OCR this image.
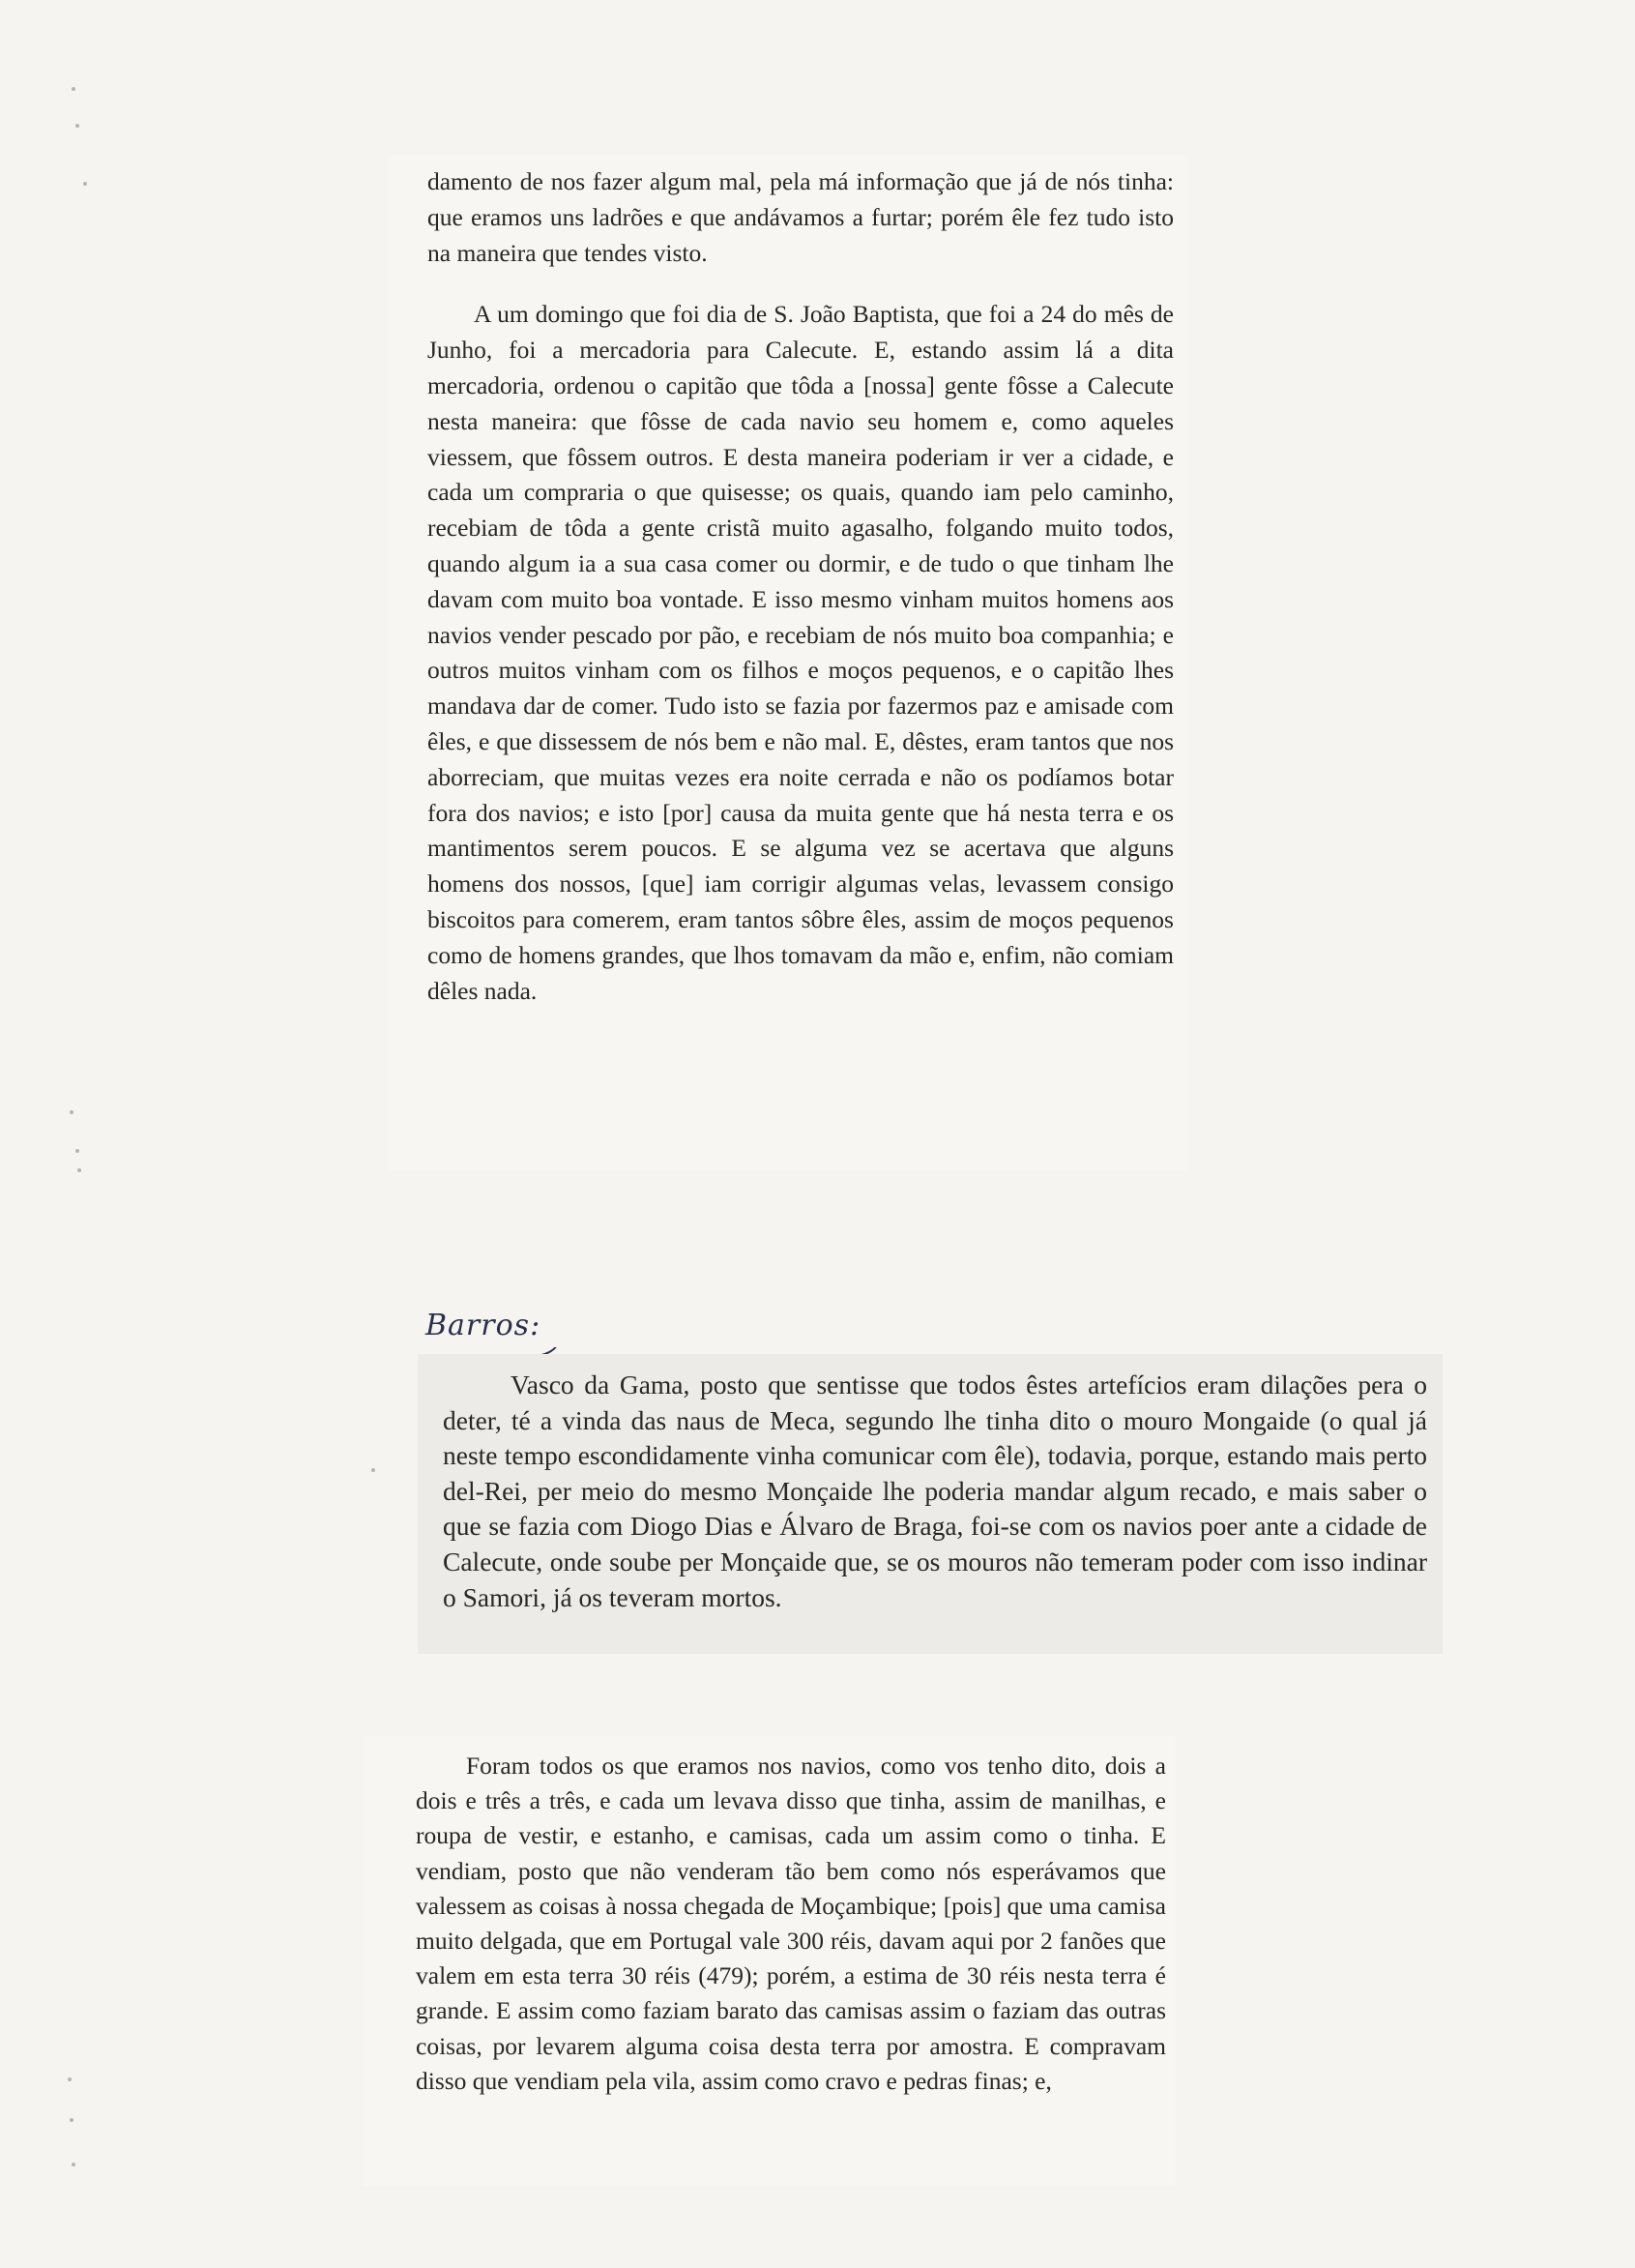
damento de nos fazer algum mal, pela má informação que já de nós tinha: que eramos uns ladrões e que andávamos a furtar; porém êle fez tudo isto na maneira que tendes visto.

A um domingo que foi dia de S. João Baptista, que foi a 24 do mês de Junho, foi a mercadoria para Calecute. E, estando assim lá a dita mercadoria, ordenou o capitão que tôda a [nossa] gente fôsse a Calecute nesta maneira: que fôsse de cada navio seu homem e, como aqueles viessem, que fôssem outros. E desta maneira poderiam ir ver a cidade, e cada um compraria o que quisesse; os quais, quando iam pelo caminho, recebiam de tôda a gente cristã muito agasalho, folgando muito todos, quando algum ia a sua casa comer ou dormir, e de tudo o que tinham lhe davam com muito boa vontade. E isso mesmo vinham muitos homens aos navios vender pescado por pão, e recebiam de nós muito boa companhia; e outros muitos vinham com os filhos e moços pequenos, e o capitão lhes mandava dar de comer. Tudo isto se fazia por fazermos paz e amisade com êles, e que dissessem de nós bem e não mal. E, dêstes, eram tantos que nos aborreciam, que muitas vezes era noite cerrada e não os podíamos botar fora dos navios; e isto [por] causa da muita gente que há nesta terra e os mantimentos serem poucos. E se alguma vez se acertava que alguns homens dos nossos, [que] iam corrigir algumas velas, levassem consigo biscoitos para comerem, eram tantos sôbre êles, assim de moços pequenos como de homens grandes, que lhos tomavam da mão e, enfim, não comiam dêles nada.

Barros:

Vasco da Gama, posto que sentisse que todos êstes artefícios eram dilações pera o deter, té a vinda das naus de Meca, segundo lhe tinha dito o mouro Mongaide (o qual já neste tempo escondidamente vinha comunicar com êle), todavia, porque, estando mais perto del-Rei, per meio do mesmo Monçaide lhe poderia mandar algum recado, e mais saber o que se fazia com Diogo Dias e Álvaro de Braga, foi-se com os navios poer ante a cidade de Calecute, onde soube per Monçaide que, se os mouros não temeram poder com isso indinar o Samori, já os teveram mortos.

Foram todos os que eramos nos navios, como vos tenho dito, dois a dois e três a três, e cada um levava disso que tinha, assim de manilhas, e roupa de vestir, e estanho, e camisas, cada um assim como o tinha. E vendiam, posto que não venderam tão bem como nós esperávamos que valessem as coisas à nossa chegada de Moçambique; [pois] que uma camisa muito delgada, que em Portugal vale 300 réis, davam aqui por 2 fanões que valem em esta terra 30 réis (479); porém, a estima de 30 réis nesta terra é grande. E assim como faziam barato das camisas assim o faziam das outras coisas, por levarem alguma coisa desta terra por amostra. E compravam disso que vendiam pela vila, assim como cravo e pedras finas; e,
